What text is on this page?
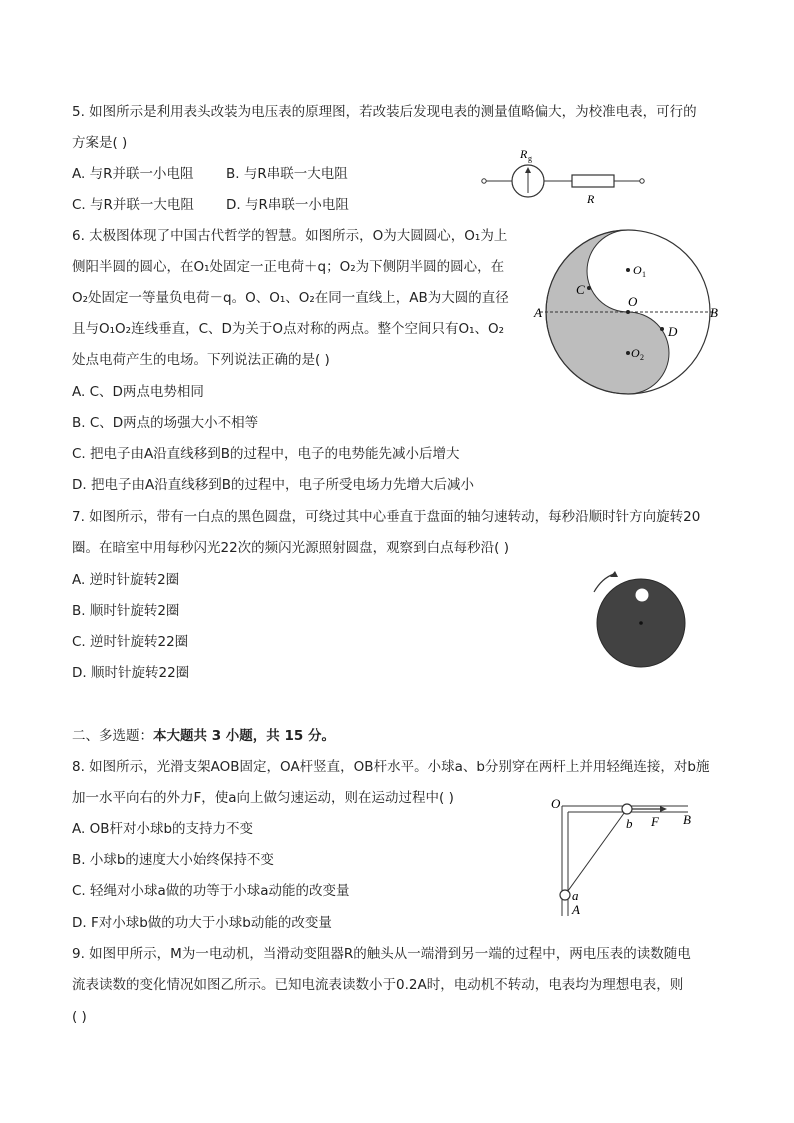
5. 如图所示是利用表头改装为电压表的原理图，若改装后发现电表的测量值略偏大，为校准电表，可行的
方案是( )
A. 与R并联一小电阻 B. 与R串联一大电阻
C. 与R并联一大电阻 D. 与R串联一小电阻
R g
R
6. 太极图体现了中国古代哲学的智慧。如图所示，O为大圆圆心，O₁为上
侧阳半圆的圆心，在O₁处固定一正电荷＋q；O₂为下侧阴半圆的圆心，在
O₂处固定一等量负电荷－q。O、O₁、O₂在同一直线上，AB为大圆的直径
且与O₁O₂连线垂直，C、D为关于O点对称的两点。整个空间只有O₁、O₂
处点电荷产生的电场。下列说法正确的是( )
A. C、D两点电势相同
B. C、D两点的场强大小不相等
C. 把电子由A沿直线移到B的过程中，电子的电势能先减小后增大
D. 把电子由A沿直线移到B的过程中，电子所受电场力先增大后减小
A	B
C
D
O
O 1
O 2
7. 如图所示，带有一白点的黑色圆盘，可绕过其中心垂直于盘面的轴匀速转动，每秒沿顺时针方向旋转20
圈。在暗室中用每秒闪光22次的频闪光源照射圆盘，观察到白点每秒沿( )
A. 逆时针旋转2圈
B. 顺时针旋转2圈
C. 逆时针旋转22圈
D. 顺时针旋转22圈
二、多选题：本大题共 3 小题，共 15 分。
8. 如图所示，光滑支架AOB固定，OA杆竖直，OB杆水平。小球a、b分别穿在两杆上并用轻绳连接，对b施
加一水平向右的外力F，使a向上做匀速运动，则在运动过程中( )
A. OB杆对小球b的支持力不变
B. 小球b的速度大小始终保持不变
C. 轻绳对小球a做的功等于小球a动能的改变量
D. F对小球b做的功大于小球b动能的改变量
O
B
b F
a
A
9. 如图甲所示，M为一电动机，当滑动变阻器R的触头从一端滑到另一端的过程中，两电压表的读数随电
流表读数的变化情况如图乙所示。已知电流表读数小于0.2A时，电动机不转动，电表均为理想电表，则
( )
